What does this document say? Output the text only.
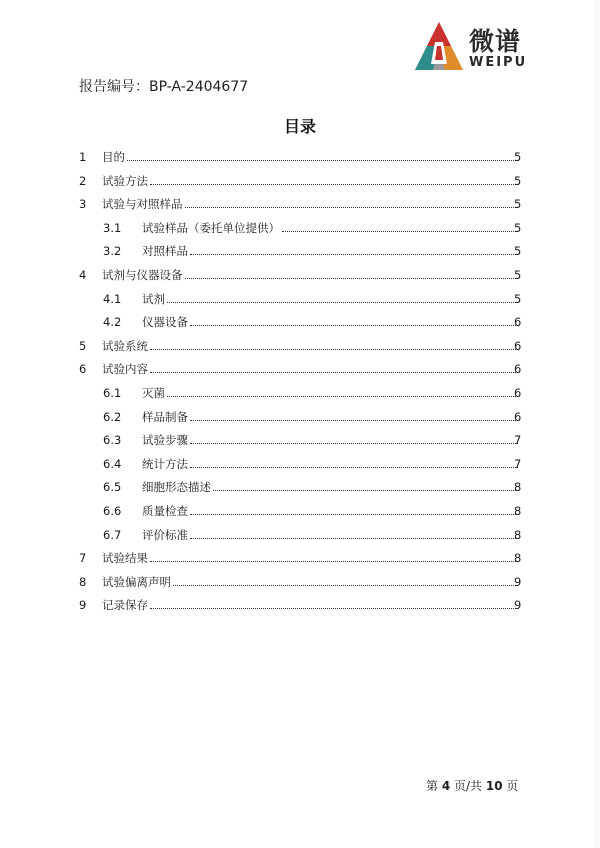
微谱
WEIPU
报告编号：BP-A-2404677
目录
1 目的	5
2 试验方法	5
3 试验与对照样品	5
3.1 试验样品（委托单位提供）	5
3.2 对照样品	5
4 试剂与仪器设备	5
4.1 试剂	5
4.2 仪器设备	6
5 试验系统	6
6 试验内容	6
6.1 灭菌	6
6.2 样品制备	6
6.3 试验步骤	7
6.4 统计方法	7
6.5 细胞形态描述	8
6.6 质量检查	8
6.7 评价标准	8
7 试验结果	8
8 试验偏离声明	9
9 记录保存	9
第 4 页/共 10 页
